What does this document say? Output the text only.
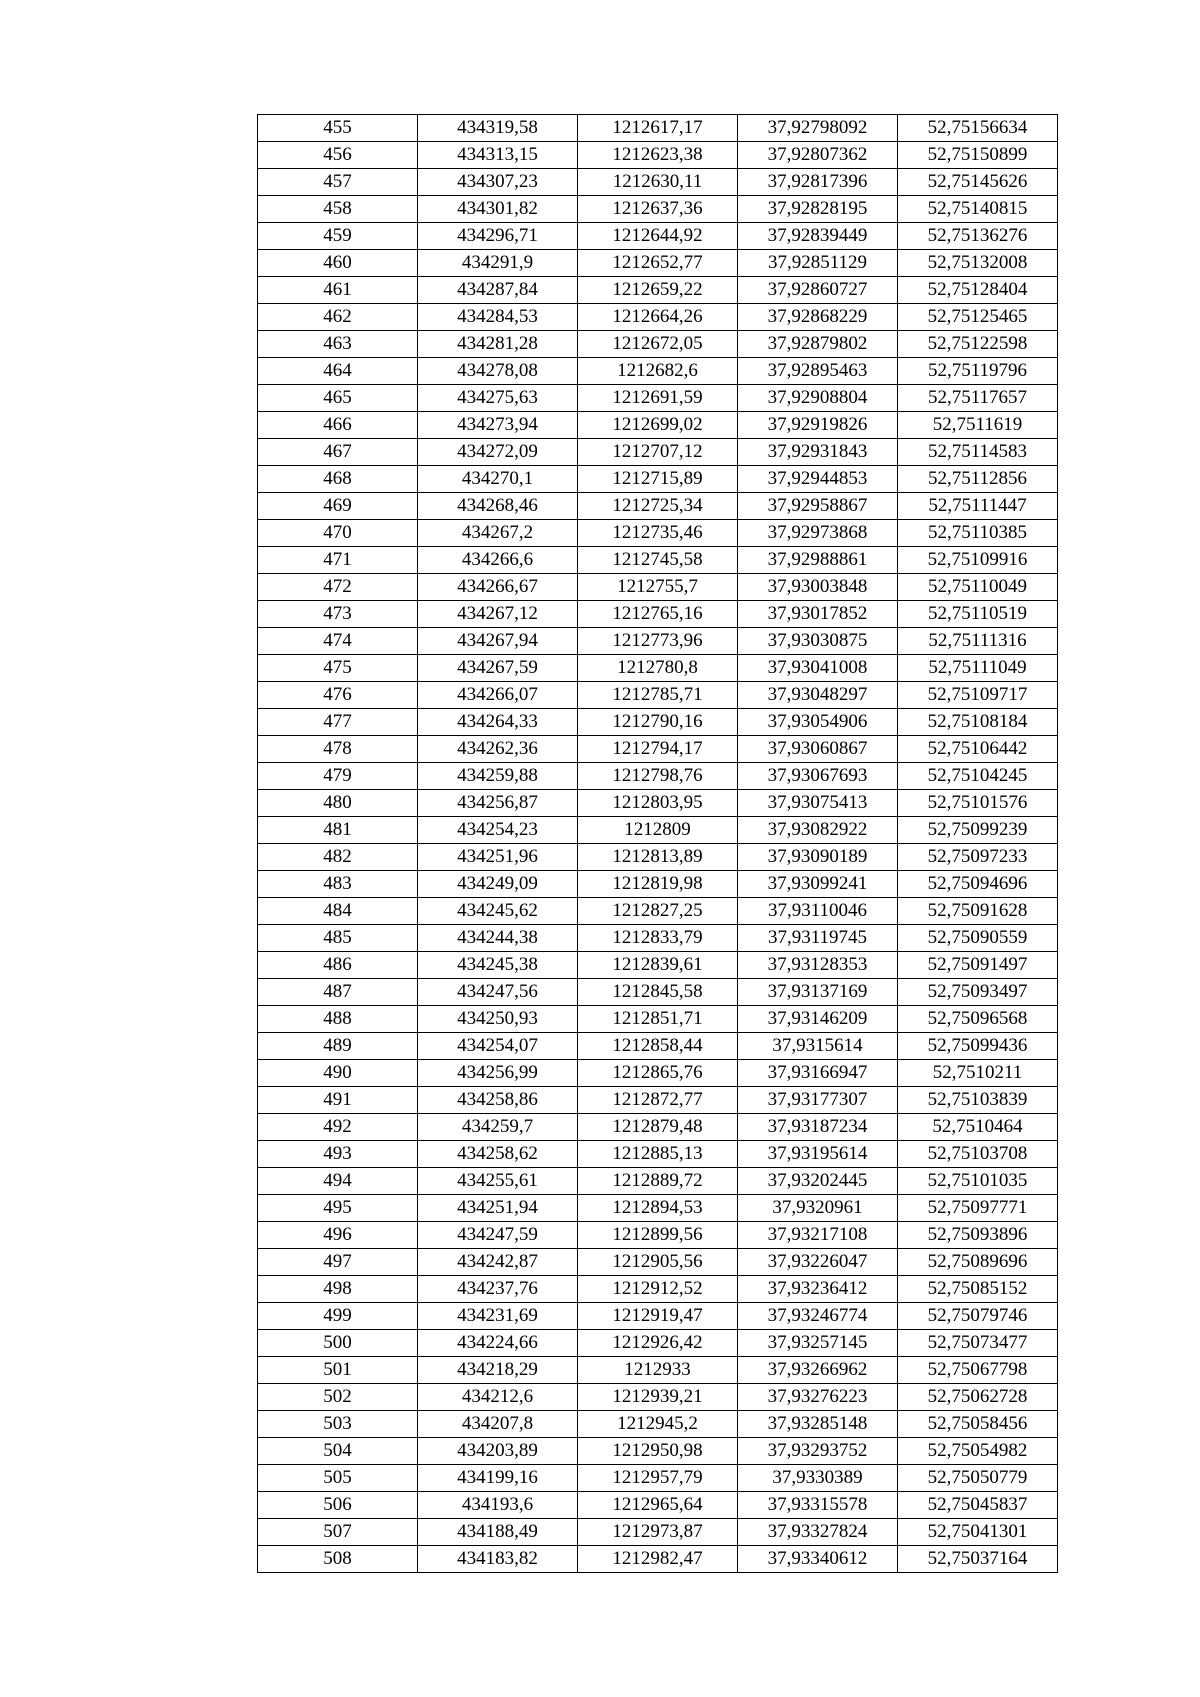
455	434319,58	1212617,17	37,92798092	52,75156634
456	434313,15	1212623,38	37,92807362	52,75150899
457	434307,23	1212630,11	37,92817396	52,75145626
458	434301,82	1212637,36	37,92828195	52,75140815
459	434296,71	1212644,92	37,92839449	52,75136276
460	434291,9	1212652,77	37,92851129	52,75132008
461	434287,84	1212659,22	37,92860727	52,75128404
462	434284,53	1212664,26	37,92868229	52,75125465
463	434281,28	1212672,05	37,92879802	52,75122598
464	434278,08	1212682,6	37,92895463	52,75119796
465	434275,63	1212691,59	37,92908804	52,75117657
466	434273,94	1212699,02	37,92919826	52,7511619
467	434272,09	1212707,12	37,92931843	52,75114583
468	434270,1	1212715,89	37,92944853	52,75112856
469	434268,46	1212725,34	37,92958867	52,75111447
470	434267,2	1212735,46	37,92973868	52,75110385
471	434266,6	1212745,58	37,92988861	52,75109916
472	434266,67	1212755,7	37,93003848	52,75110049
473	434267,12	1212765,16	37,93017852	52,75110519
474	434267,94	1212773,96	37,93030875	52,75111316
475	434267,59	1212780,8	37,93041008	52,75111049
476	434266,07	1212785,71	37,93048297	52,75109717
477	434264,33	1212790,16	37,93054906	52,75108184
478	434262,36	1212794,17	37,93060867	52,75106442
479	434259,88	1212798,76	37,93067693	52,75104245
480	434256,87	1212803,95	37,93075413	52,75101576
481	434254,23	1212809	37,93082922	52,75099239
482	434251,96	1212813,89	37,93090189	52,75097233
483	434249,09	1212819,98	37,93099241	52,75094696
484	434245,62	1212827,25	37,93110046	52,75091628
485	434244,38	1212833,79	37,93119745	52,75090559
486	434245,38	1212839,61	37,93128353	52,75091497
487	434247,56	1212845,58	37,93137169	52,75093497
488	434250,93	1212851,71	37,93146209	52,75096568
489	434254,07	1212858,44	37,9315614	52,75099436
490	434256,99	1212865,76	37,93166947	52,7510211
491	434258,86	1212872,77	37,93177307	52,75103839
492	434259,7	1212879,48	37,93187234	52,7510464
493	434258,62	1212885,13	37,93195614	52,75103708
494	434255,61	1212889,72	37,93202445	52,75101035
495	434251,94	1212894,53	37,9320961	52,75097771
496	434247,59	1212899,56	37,93217108	52,75093896
497	434242,87	1212905,56	37,93226047	52,75089696
498	434237,76	1212912,52	37,93236412	52,75085152
499	434231,69	1212919,47	37,93246774	52,75079746
500	434224,66	1212926,42	37,93257145	52,75073477
501	434218,29	1212933	37,93266962	52,75067798
502	434212,6	1212939,21	37,93276223	52,75062728
503	434207,8	1212945,2	37,93285148	52,75058456
504	434203,89	1212950,98	37,93293752	52,75054982
505	434199,16	1212957,79	37,9330389	52,75050779
506	434193,6	1212965,64	37,93315578	52,75045837
507	434188,49	1212973,87	37,93327824	52,75041301
508	434183,82	1212982,47	37,93340612	52,75037164
